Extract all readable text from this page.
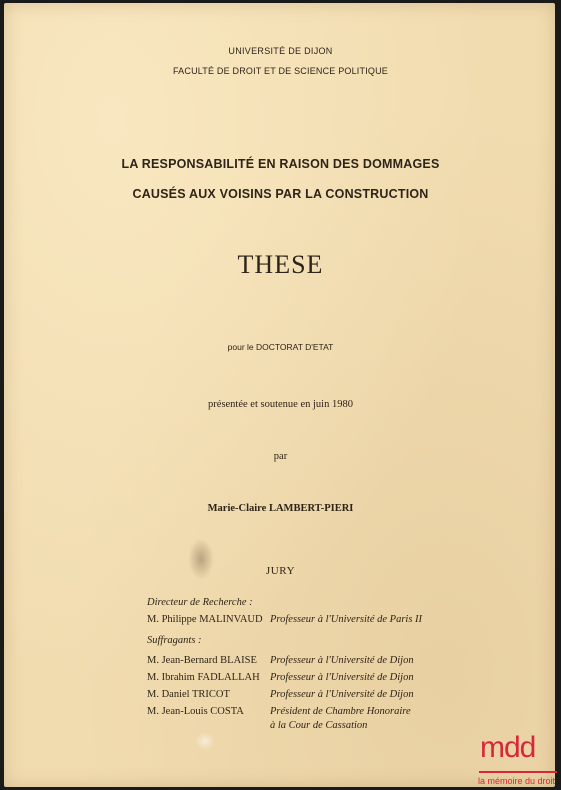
UNIVERSITÉ DE DIJON
FACULTÉ DE DROIT ET DE SCIENCE POLITIQUE
LA RESPONSABILITÉ EN RAISON DES DOMMAGES
CAUSÉS AUX VOISINS PAR LA CONSTRUCTION
THESE
pour le DOCTORAT D'ETAT
présentée et soutenue en juin 1980
par
Marie-Claire LAMBERT-PIERI
JURY
Directeur de Recherche :
M. Philippe MALINVAUD Professeur à l'Université de Paris II
Suffragants :
M. Jean-Bernard BLAISE Professeur à l'Université de Dijon
M. Ibrahim FADLALLAH Professeur à l'Université de Dijon
M. Daniel TRICOT	Professeur à l'Université de Dijon
M. Jean-Louis COSTA Président de Chambre Honoraire
à la Cour de Cassation
mdd
la mémoire du droit
